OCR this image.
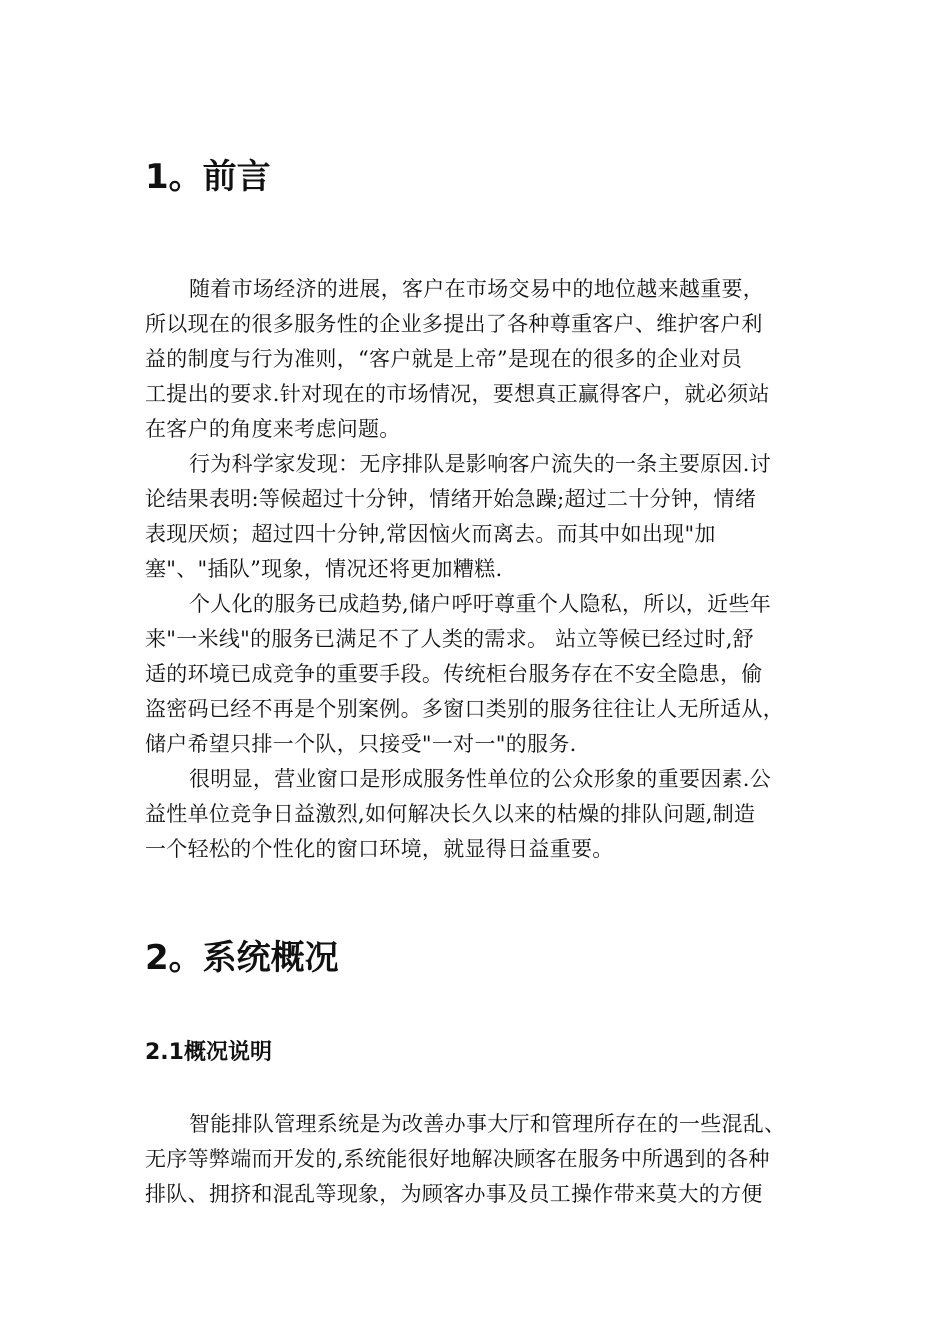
1。前言
随着市场经济的进展，客户在市场交易中的地位越来越重要，
所以现在的很多服务性的企业多提出了各种尊重客户、维护客户利
益的制度与行为准则，“客户就是上帝”是现在的很多的企业对员
工提出的要求.针对现在的市场情况，要想真正赢得客户，就必须站
在客户的角度来考虑问题。
行为科学家发现：无序排队是影响客户流失的一条主要原因.讨
论结果表明:等候超过十分钟，情绪开始急躁;超过二十分钟，情绪
表现厌烦；超过四十分钟,常因恼火而离去。而其中如出现"加
塞"、"插队”现象，情况还将更加糟糕.
个人化的服务已成趋势,储户呼吁尊重个人隐私，所以，近些年
来"一米线"的服务已满足不了人类的需求。 站立等候已经过时,舒
适的环境已成竞争的重要手段。传统柜台服务存在不安全隐患，偷
盗密码已经不再是个别案例。多窗口类别的服务往往让人无所适从，
储户希望只排一个队，只接受"一对一"的服务.
很明显，营业窗口是形成服务性单位的公众形象的重要因素.公
益性单位竞争日益激烈,如何解决长久以来的枯燥的排队问题,制造
一个轻松的个性化的窗口环境，就显得日益重要。
2。系统概况
2.1概况说明
智能排队管理系统是为改善办事大厅和管理所存在的一些混乱、
无序等弊端而开发的,系统能很好地解决顾客在服务中所遇到的各种
排队、拥挤和混乱等现象，为顾客办事及员工操作带来莫大的方便
